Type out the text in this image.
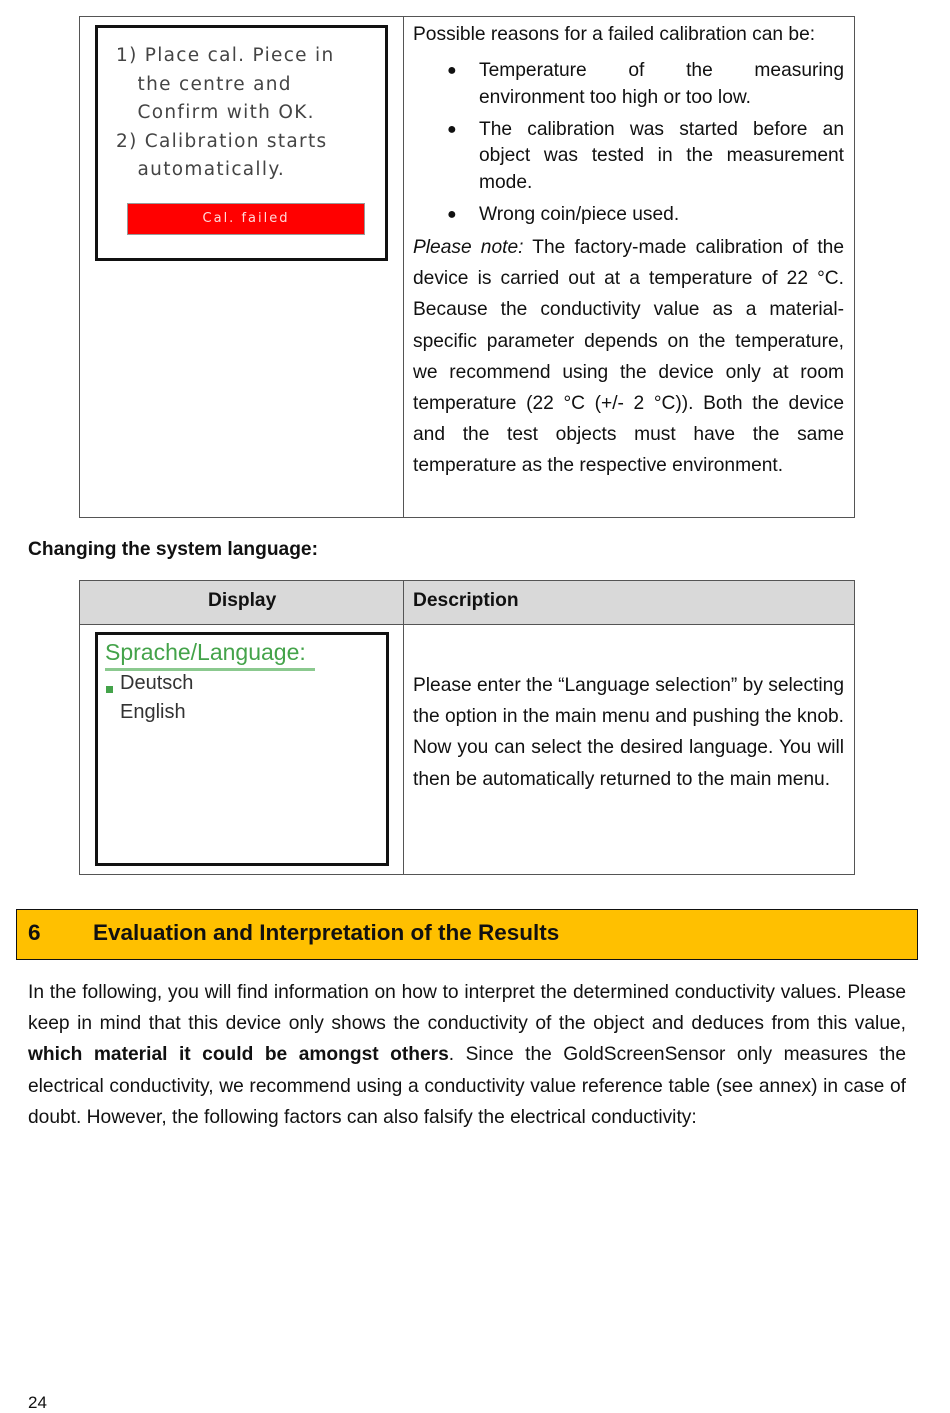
1) Place cal. Piece in
the centre and
Confirm with OK.
2) Calibration starts
automatically.
Cal. failed
Possible reasons for a failed calibration can be:
● Temperature of the measuring environment too high or too low.
● The calibration was started before an object was tested in the measurement mode.
● Wrong coin/piece used.
Please note: The factory-made calibration of the device is carried out at a temperature of 22 °C. Because the conductivity value as a material-specific parameter depends on the temperature, we recommend using the device only at room temperature (22 °C (+/- 2 °C)). Both the device and the test objects must have the same temperature as the respective environment.
Changing the system language:
Display	Description
Sprache/Language:
Deutsch
English
Please enter the “Language selection” by selecting the option in the main menu and pushing the knob. Now you can select the desired language. You will then be automatically returned to the main menu.
6 Evaluation and Interpretation of the Results
In the following, you will find information on how to interpret the determined conductivity values. Please keep in mind that this device only shows the conductivity of the object and deduces from this value, which material it could be amongst others. Since the GoldScreenSensor only measures the electrical conductivity, we recommend using a conductivity value reference table (see annex) in case of doubt. However, the following factors can also falsify the electrical conductivity:
24
